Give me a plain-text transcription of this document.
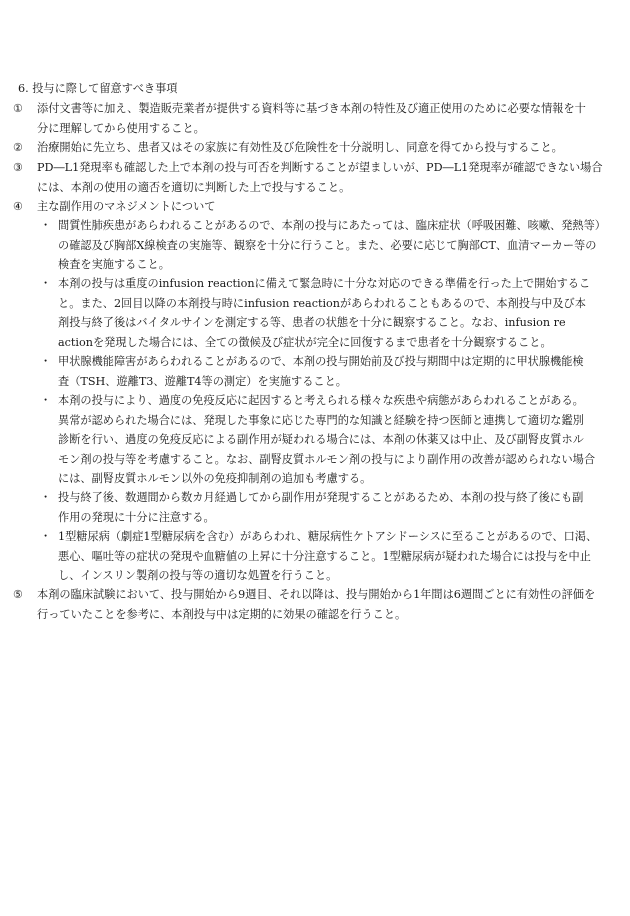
6. 投与に際して留意すべき事項
①	添付文書等に加え、製造販売業者が提供する資料等に基づき本剤の特性及び適正使用のために必要な情報を十
分に理解してから使用すること。
②	治療開始に先立ち、患者又はその家族に有効性及び危険性を十分説明し、同意を得てから投与すること。
③	PD―L1発現率も確認した上で本剤の投与可否を判断することが望ましいが、PD―L1発現率が確認できない場合
には、本剤の使用の適否を適切に判断した上で投与すること。
④	主な副作用のマネジメントについて
・ 間質性肺疾患があらわれることがあるので、本剤の投与にあたっては、臨床症状（呼吸困難、咳嗽、発熱等）
の確認及び胸部X線検査の実施等、観察を十分に行うこと。また、必要に応じて胸部CT、血清マーカー等の
検査を実施すること。
・ 本剤の投与は重度のinfusion reactionに備えて緊急時に十分な対応のできる準備を行った上で開始するこ
と。また、2回目以降の本剤投与時にinfusion reactionがあらわれることもあるので、本剤投与中及び本
剤投与終了後はバイタルサインを測定する等、患者の状態を十分に観察すること。なお、infusion re
actionを発現した場合には、全ての徴候及び症状が完全に回復するまで患者を十分観察すること。
・ 甲状腺機能障害があらわれることがあるので、本剤の投与開始前及び投与期間中は定期的に甲状腺機能検
査（TSH、遊離T3、遊離T4等の測定）を実施すること。
・ 本剤の投与により、過度の免疫反応に起因すると考えられる様々な疾患や病態があらわれることがある。
異常が認められた場合には、発現した事象に応じた専門的な知識と経験を持つ医師と連携して適切な鑑別
診断を行い、過度の免疫反応による副作用が疑われる場合には、本剤の休薬又は中止、及び副腎皮質ホル
モン剤の投与等を考慮すること。なお、副腎皮質ホルモン剤の投与により副作用の改善が認められない場合
には、副腎皮質ホルモン以外の免疫抑制剤の追加も考慮する。
・ 投与終了後、数週間から数カ月経過してから副作用が発現することがあるため、本剤の投与終了後にも副
作用の発現に十分に注意する。
・ 1型糖尿病（劇症1型糖尿病を含む）があらわれ、糖尿病性ケトアシドーシスに至ることがあるので、口渇、
悪心、嘔吐等の症状の発現や血糖値の上昇に十分注意すること。1型糖尿病が疑われた場合には投与を中止
し、インスリン製剤の投与等の適切な処置を行うこと。
⑤	本剤の臨床試験において、投与開始から9週目、それ以降は、投与開始から1年間は6週間ごとに有効性の評価を
行っていたことを参考に、本剤投与中は定期的に効果の確認を行うこと。
